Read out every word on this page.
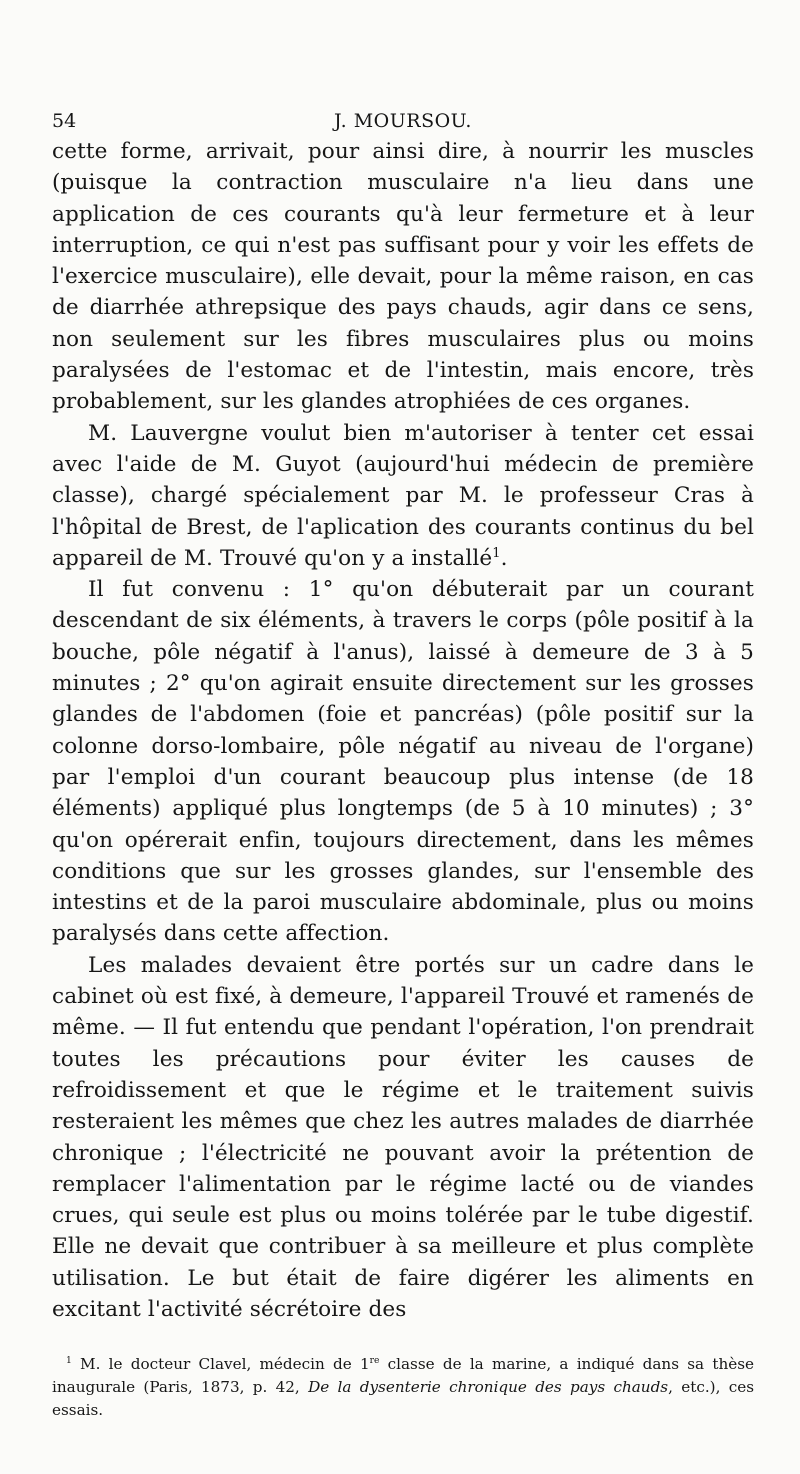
54	J. MOURSOU.

cette forme, arrivait, pour ainsi dire, à nourrir les muscles (puisque la contraction musculaire n'a lieu dans une application de ces courants qu'à leur fermeture et à leur interruption, ce qui n'est pas suffisant pour y voir les effets de l'exercice musculaire), elle devait, pour la même raison, en cas de diarrhée athrepsique des pays chauds, agir dans ce sens, non seulement sur les fibres musculaires plus ou moins paralysées de l'estomac et de l'intestin, mais encore, très probablement, sur les glandes atrophiées de ces organes.

M. Lauvergne voulut bien m'autoriser à tenter cet essai avec l'aide de M. Guyot (aujourd'hui médecin de première classe), chargé spécialement par M. le professeur Cras à l'hôpital de Brest, de l'aplication des courants continus du bel appareil de M. Trouvé qu'on y a installé$^1$.

Il fut convenu : 1° qu'on débuterait par un courant descendant de six éléments, à travers le corps (pôle positif à la bouche, pôle négatif à l'anus), laissé à demeure de 3 à 5 minutes ; 2° qu'on agirait ensuite directement sur les grosses glandes de l'abdomen (foie et pancréas) (pôle positif sur la colonne dorso-lombaire, pôle négatif au niveau de l'organe) par l'emploi d'un courant beaucoup plus intense (de 18 éléments) appliqué plus longtemps (de 5 à 10 minutes) ; 3° qu'on opérerait enfin, toujours directement, dans les mêmes conditions que sur les grosses glandes, sur l'ensemble des intestins et de la paroi musculaire abdominale, plus ou moins paralysés dans cette affection.

Les malades devaient être portés sur un cadre dans le cabinet où est fixé, à demeure, l'appareil Trouvé et ramenés de même. — Il fut entendu que pendant l'opération, l'on prendrait toutes les précautions pour éviter les causes de refroidissement et que le régime et le traitement suivis resteraient les mêmes que chez les autres malades de diarrhée chronique ; l'électricité ne pouvant avoir la prétention de remplacer l'alimentation par le régime lacté ou de viandes crues, qui seule est plus ou moins tolérée par le tube digestif. Elle ne devait que contribuer à sa meilleure et plus complète utilisation. Le but était de faire digérer les aliments en excitant l'activité sécrétoire des

$^1$ M. le docteur Clavel, médecin de 1re classe de la marine, a indiqué dans sa thèse inaugurale (Paris, 1873, p. 42, De la dysenterie chronique des pays chauds, etc.), ces essais.
